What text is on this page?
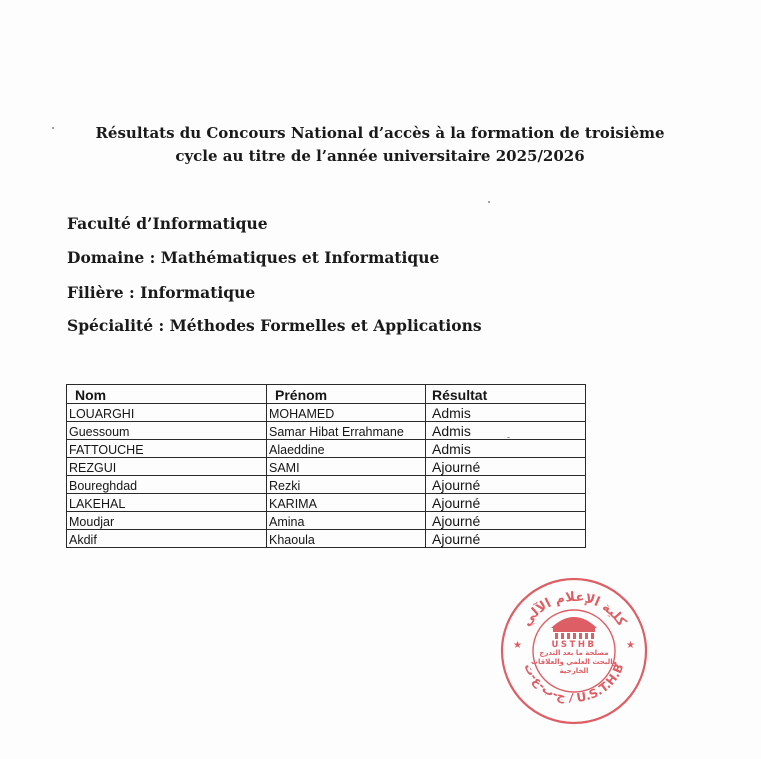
Résultats du Concours National d’accès à la formation de troisième
cycle au titre de l’année universitaire 2025/2026
Faculté d’Informatique
Domaine : Mathématiques et Informatique
Filière : Informatique
Spécialité : Méthodes Formelles et Applications
Nom	Prénom	Résultat
LOUARGHI	MOHAMED	Admis
Guessoum	Samar Hibat Errahmane	Admis
FATTOUCHE	Alaeddine	Admis
REZGUI	SAMI	Ajourné
Boureghdad	Rezki	Ajourné
LAKEHAL	KARIMA	Ajourné
Moudjar	Amina	Ajourné
Akdif	Khaoula	Ajourné
كلية الإعلام الآلي
ج-ب-ع-ت / U.S.T.H.B
★	★
USTHB
مصلحة ما بعد التدرج والبحث العلمي والعلاقات الخارجية
